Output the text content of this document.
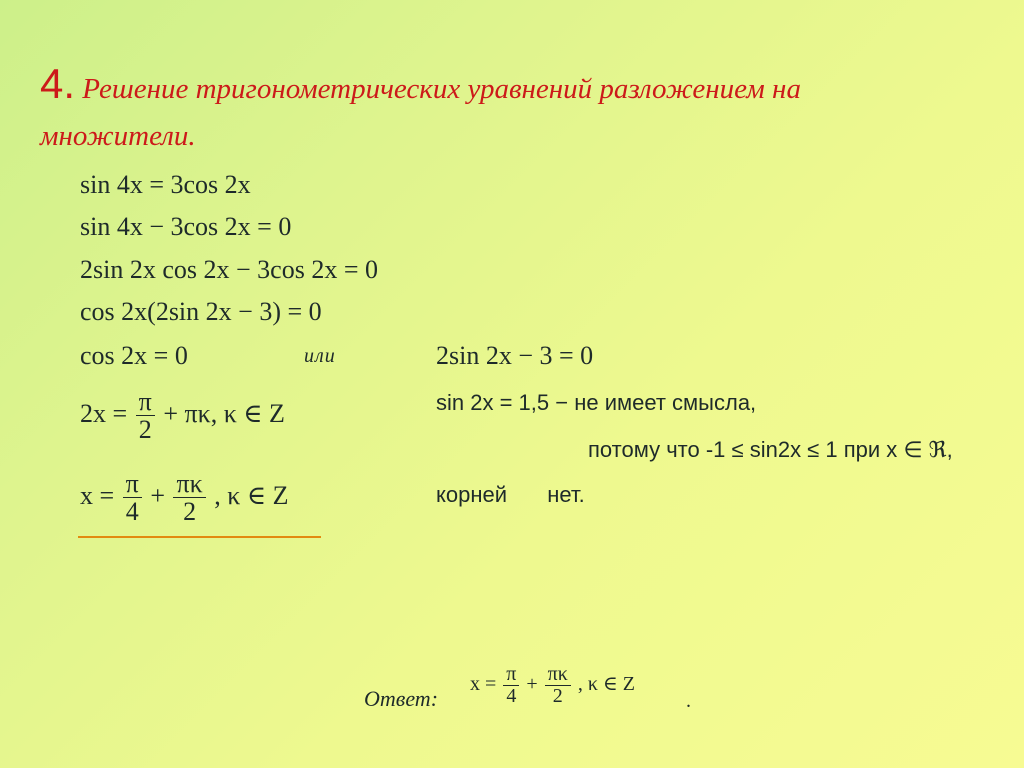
4. Решение тригонометрических уравнений разложением на
множители.
sin 4x = 3cos 2x
sin 4x − 3cos 2x = 0
2sin 2x cos 2x − 3cos 2x = 0
cos 2x(2sin 2x − 3) = 0
cos 2x = 0	или
$2x = \frac{\pi}{2} + \pi\kappa$, κ ∈ Z
$x = \frac{\pi}{4} + \frac{\pi\kappa}{2}$ , κ ∈ Z
2sin 2x − 3 = 0
sin 2x = 1,5 − не имеет смысла,
потому что -1 ≤ sin2x ≤ 1 при x ∈ ℜ,
корней нет.
Ответ:
$x = \frac{\pi}{4} + \frac{\pi\kappa}{2}$ , κ ∈ Z
.
